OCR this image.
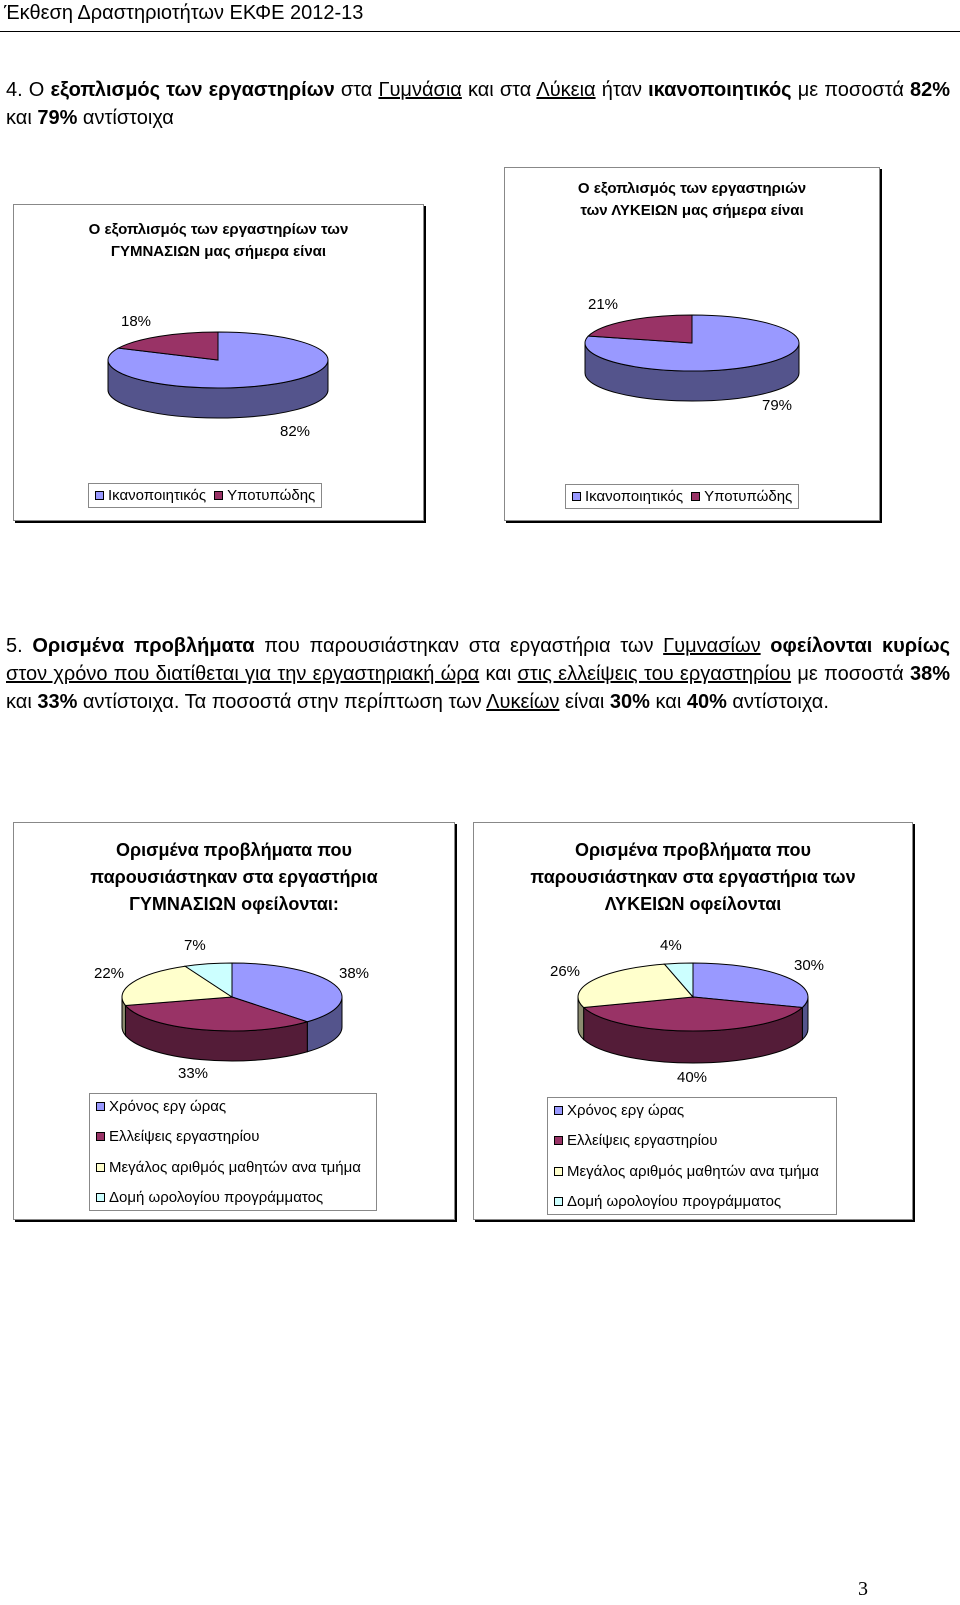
Έκθεση Δραστηριοτήτων ΕΚΦΕ 2012-13
4. Ο εξοπλισμός των εργαστηρίων στα Γυμνάσια και στα Λύκεια ήταν ικανοποιητικός με ποσοστά 82% και 79% αντίστοιχα
Ο εξοπλισμός των εργαστηρίων των ΓΥΜΝΑΣΙΩΝ μας σήμερα είναι
18%
82%
Ικανοποιητικός Υποτυπώδης
Ο εξοπλισμός των εργαστηριών των ΛΥΚΕΙΩΝ μας σήμερα είναι
21%
79%
Ικανοποιητικός Υποτυπώδης
5. Ορισμένα προβλήματα που παρουσιάστηκαν στα εργαστήρια των Γυμνασίων οφείλονται κυρίως στον χρόνο που διατίθεται για την εργαστηριακή ώρα και στις ελλείψεις του εργαστηρίου με ποσοστά 38% και 33% αντίστοιχα. Τα ποσοστά στην περίπτωση των Λυκείων είναι 30% και 40% αντίστοιχα.
Ορισμένα προβλήματα που παρουσιάστηκαν στα εργαστήρια ΓΥΜΝΑΣΙΩΝ οφείλονται:
7%
22%	38%
33%
Χρόνος εργ ώρας
Ελλείψεις εργαστηρίου
Μεγάλος αριθμός μαθητών ανα τμήμα
Δομή ωρολογίου προγράμματος
Ορισμένα προβλήματα που παρουσιάστηκαν στα εργαστήρια των ΛΥΚΕΙΩΝ οφείλονται
4%
26%	30%
40%
Χρόνος εργ ώρας
Ελλείψεις εργαστηρίου
Μεγάλος αριθμός μαθητών ανα τμήμα
Δομή ωρολογίου προγράμματος
3
